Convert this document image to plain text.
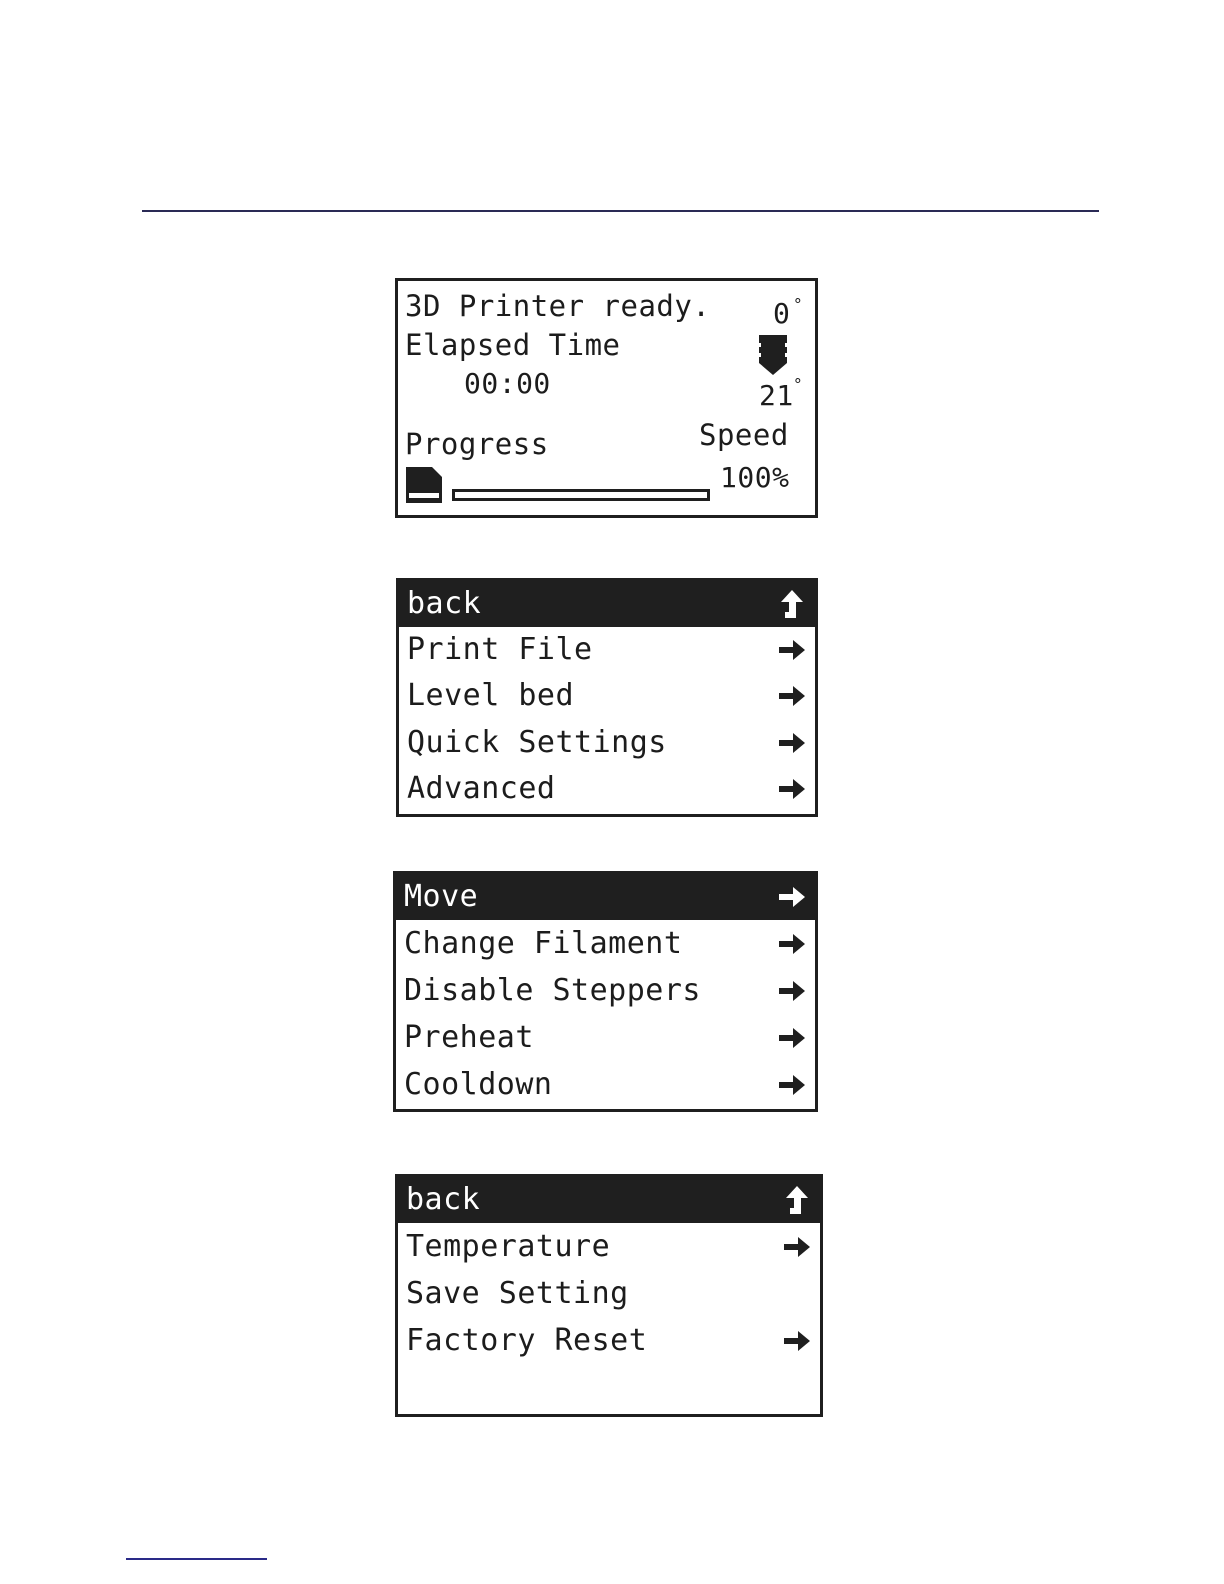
3D Printer ready.
Elapsed Time
00:00
0 °
21 °
Progress	Speed
100%
back
Print File
Level bed
Quick Settings
Advanced
Move
Change Filament
Disable Steppers
Preheat
Cooldown
back
Temperature
Save Setting
Factory Reset
